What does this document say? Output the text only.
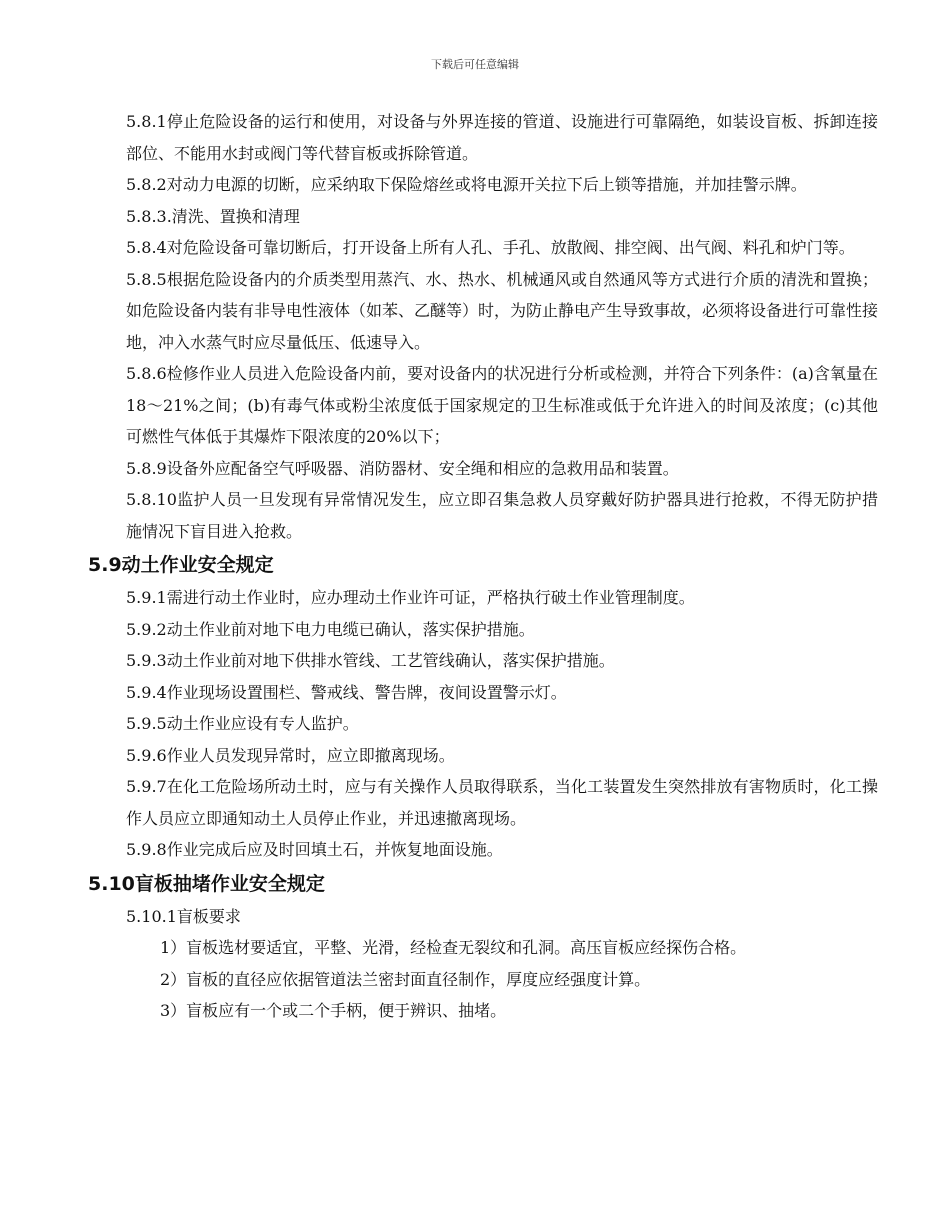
下载后可任意编辑

5.8.1停止危险设备的运行和使用，对设备与外界连接的管道、设施进行可靠隔绝，如装设盲板、拆卸连接部位、不能用水封或阀门等代替盲板或拆除管道。

5.8.2对动力电源的切断，应采纳取下保险熔丝或将电源开关拉下后上锁等措施，并加挂警示牌。

5.8.3.清洗、置换和清理

5.8.4对危险设备可靠切断后，打开设备上所有人孔、手孔、放散阀、排空阀、出气阀、料孔和炉门等。

5.8.5根据危险设备内的介质类型用蒸汽、水、热水、机械通风或自然通风等方式进行介质的清洗和置换；如危险设备内装有非导电性液体（如苯、乙醚等）时，为防止静电产生导致事故，必须将设备进行可靠性接地，冲入水蒸气时应尽量低压、低速导入。

5.8.6检修作业人员进入危险设备内前，要对设备内的状况进行分析或检测，并符合下列条件：(a)含氧量在18～21%之间；(b)有毒气体或粉尘浓度低于国家规定的卫生标准或低于允许进入的时间及浓度；(c)其他可燃性气体低于其爆炸下限浓度的20%以下；

5.8.9设备外应配备空气呼吸器、消防器材、安全绳和相应的急救用品和装置。

5.8.10监护人员一旦发现有异常情况发生，应立即召集急救人员穿戴好防护器具进行抢救，不得无防护措施情况下盲目进入抢救。

5.9动土作业安全规定

5.9.1需进行动土作业时，应办理动土作业许可证，严格执行破土作业管理制度。

5.9.2动土作业前对地下电力电缆已确认，落实保护措施。

5.9.3动土作业前对地下供排水管线、工艺管线确认，落实保护措施。

5.9.4作业现场设置围栏、警戒线、警告牌，夜间设置警示灯。

5.9.5动土作业应设有专人监护。

5.9.6作业人员发现异常时，应立即撤离现场。

5.9.7在化工危险场所动土时，应与有关操作人员取得联系，当化工装置发生突然排放有害物质时，化工操作人员应立即通知动土人员停止作业，并迅速撤离现场。

5.9.8作业完成后应及时回填土石，并恢复地面设施。

5.10盲板抽堵作业安全规定

5.10.1盲板要求

1）盲板选材要适宜，平整、光滑，经检查无裂纹和孔洞。高压盲板应经探伤合格。

2）盲板的直径应依据管道法兰密封面直径制作，厚度应经强度计算。

3）盲板应有一个或二个手柄，便于辨识、抽堵。
